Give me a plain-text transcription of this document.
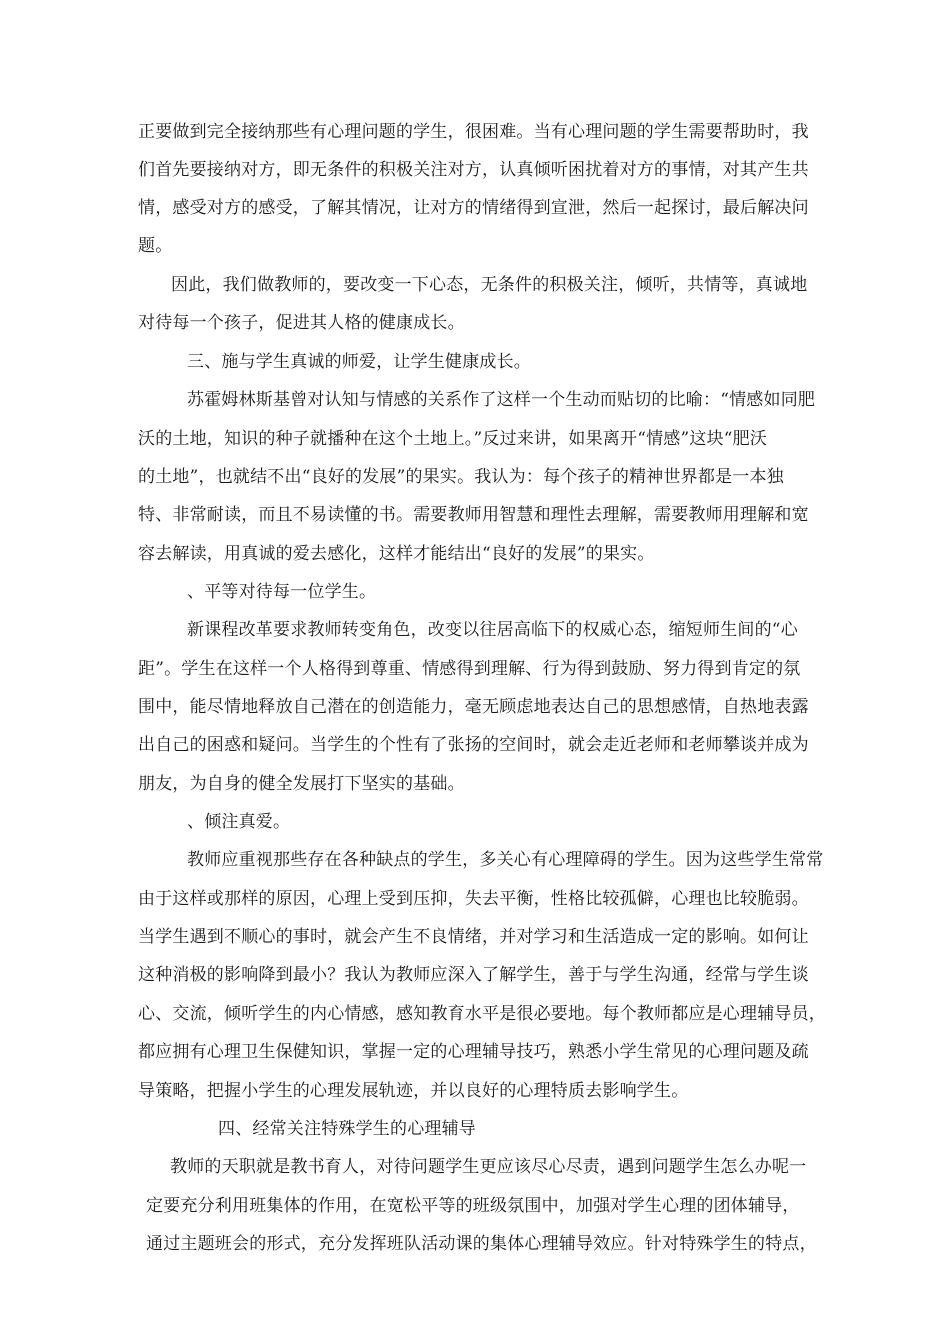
正要做到完全接纳那些有心理问题的学生，很困难。当有心理问题的学生需要帮助时，我
们首先要接纳对方，即无条件的积极关注对方，认真倾听困扰着对方的事情，对其产生共
情，感受对方的感受，了解其情况，让对方的情绪得到宣泄，然后一起探讨，最后解决问
题。
因此，我们做教师的，要改变一下心态，无条件的积极关注，倾听，共情等，真诚地
对待每一个孩子，促进其人格的健康成长。
三、施与学生真诚的师爱，让学生健康成长。
苏霍姆林斯基曾对认知与情感的关系作了这样一个生动而贴切的比喻：“情感如同肥
沃的土地，知识的种子就播种在这个土地上。”反过来讲，如果离开“情感”这块“肥沃
的土地”，也就结不出“良好的发展”的果实。我认为：每个孩子的精神世界都是一本独
特、非常耐读，而且不易读懂的书。需要教师用智慧和理性去理解，需要教师用理解和宽
容去解读，用真诚的爱去感化，这样才能结出“良好的发展”的果实。
、平等对待每一位学生。
新课程改革要求教师转变角色，改变以往居高临下的权威心态，缩短师生间的“心
距”。学生在这样一个人格得到尊重、情感得到理解、行为得到鼓励、努力得到肯定的氛
围中，能尽情地释放自己潜在的创造能力，毫无顾虑地表达自己的思想感情，自热地表露
出自己的困惑和疑问。当学生的个性有了张扬的空间时，就会走近老师和老师攀谈并成为
朋友，为自身的健全发展打下坚实的基础。
、倾注真爱。
教师应重视那些存在各种缺点的学生，多关心有心理障碍的学生。因为这些学生常常
由于这样或那样的原因，心理上受到压抑，失去平衡，性格比较孤僻，心理也比较脆弱。
当学生遇到不顺心的事时，就会产生不良情绪，并对学习和生活造成一定的影响。如何让
这种消极的影响降到最小？我认为教师应深入了解学生，善于与学生沟通，经常与学生谈
心、交流，倾听学生的内心情感，感知教育水平是很必要地。每个教师都应是心理辅导员，
都应拥有心理卫生保健知识，掌握一定的心理辅导技巧，熟悉小学生常见的心理问题及疏
导策略，把握小学生的心理发展轨迹，并以良好的心理特质去影响学生。
四、经常关注特殊学生的心理辅导
教师的天职就是教书育人，对待问题学生更应该尽心尽责，遇到问题学生怎么办呢一
定要充分利用班集体的作用，在宽松平等的班级氛围中，加强对学生心理的团体辅导，
通过主题班会的形式，充分发挥班队活动课的集体心理辅导效应。针对特殊学生的特点，
